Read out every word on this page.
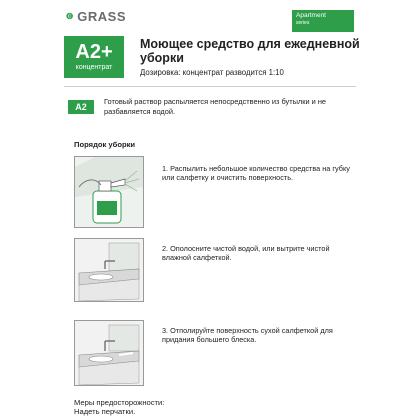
GRASS	Apartment
series
A2+
концентрат
Моющее средство для ежедневной уборки
Дозировка: концентрат разводится 1:10
A2
Готовый раствор распыляется непосредственно из бутылки и не разбавляется водой.
Порядок уборки
1. Распылить небольшое количество средства на губку или салфетку и очистить поверхность.
2. Ополосните чистой водой, или вытрите чистой влажной салфеткой.
3. Отполируйте поверхность сухой салфеткой для придания большего блеска.
Меры предосторожности:
Надеть перчатки.
